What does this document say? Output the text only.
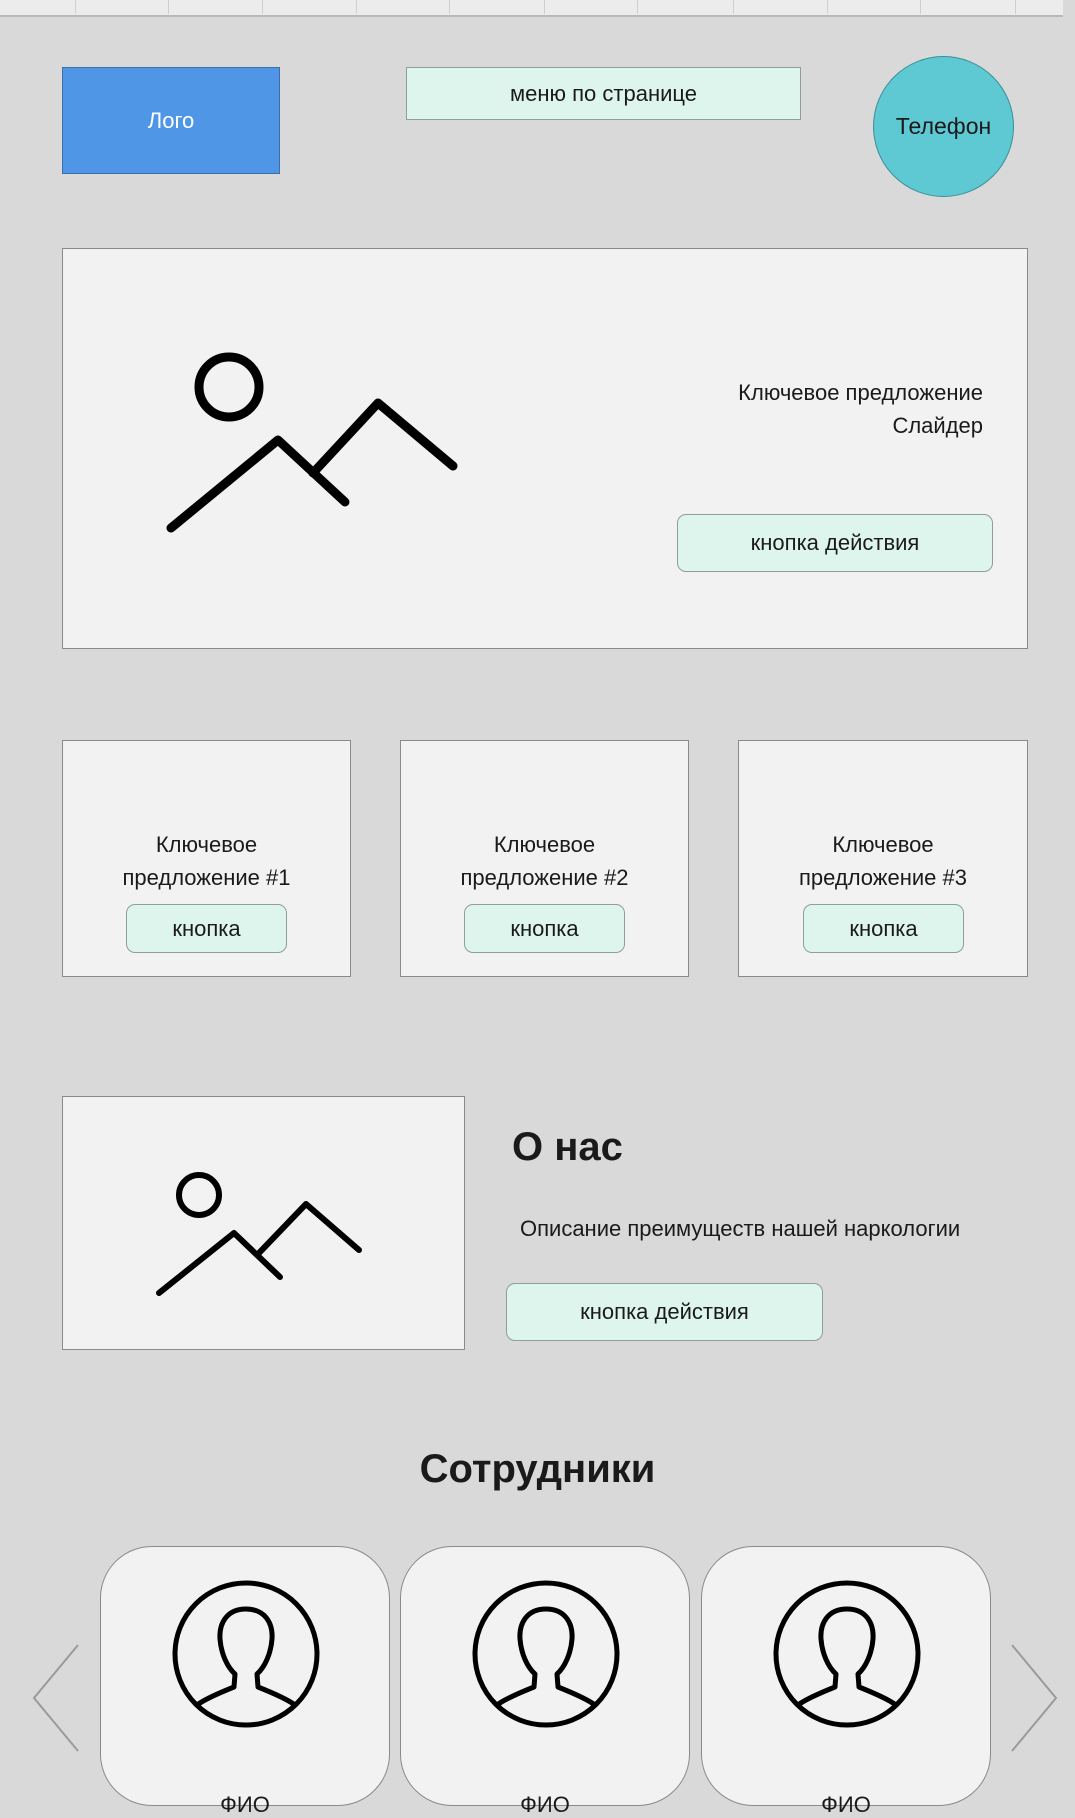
Лого
меню по странице
Телефон
Ключевое предложение
Слайдер
кнопка действия
Ключевое
предложение #1
кнопка
Ключевое
предложение #2
кнопка
Ключевое
предложение #3
кнопка
О нас
Описание преимуществ нашей наркологии
кнопка действия
Сотрудники
ФИО	ФИО	ФИО
